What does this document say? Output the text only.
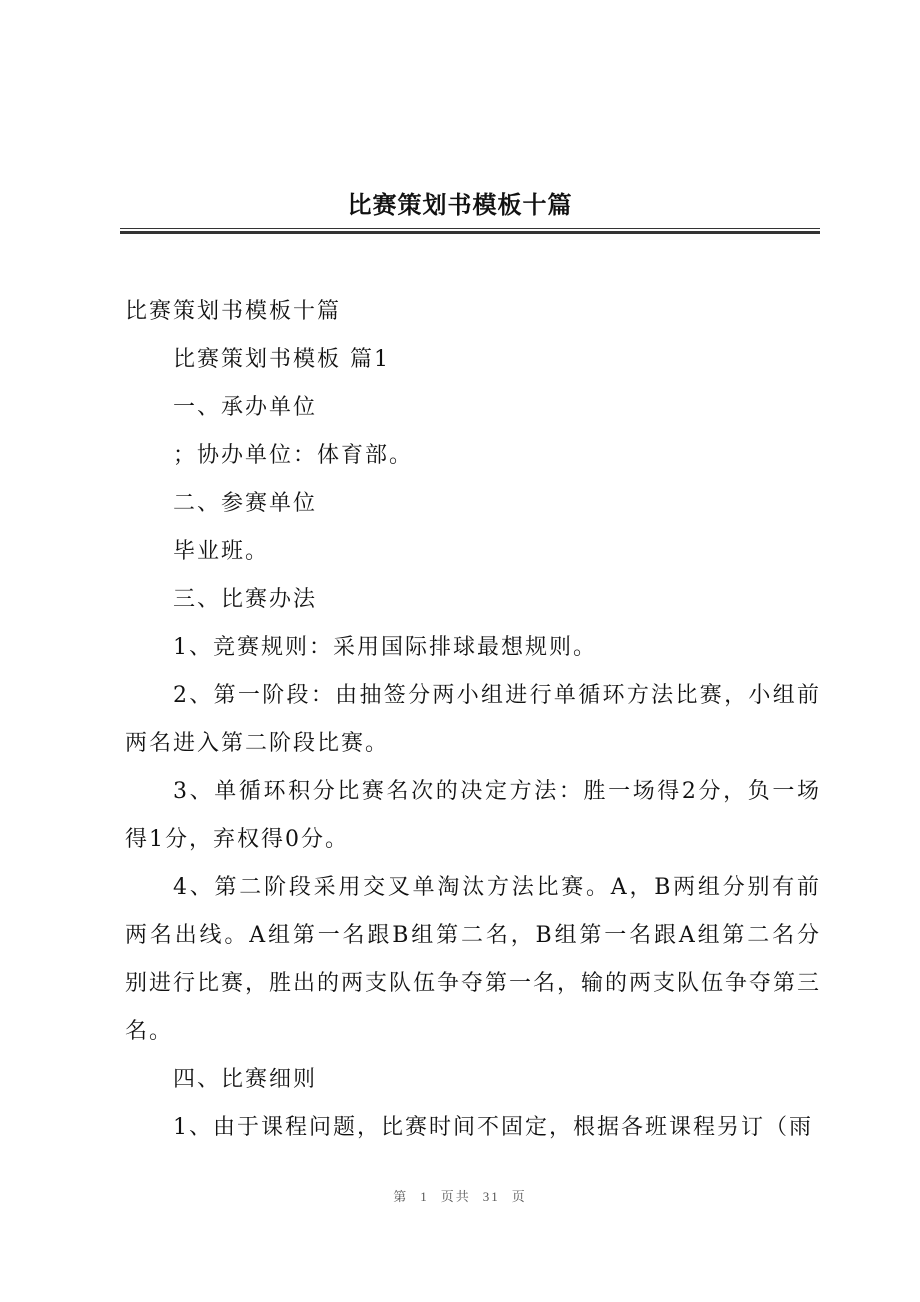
比赛策划书模板十篇

比赛策划书模板十篇

比赛策划书模板 篇1

一、承办单位

；协办单位：体育部。

二、参赛单位

毕业班。

三、比赛办法

1、竞赛规则：采用国际排球最想规则。

2、第一阶段：由抽签分两小组进行单循环方法比赛，小组前两名进入第二阶段比赛。

3、单循环积分比赛名次的决定方法：胜一场得2分，负一场得1分，弃权得0分。

4、第二阶段采用交叉单淘汰方法比赛。A，B两组分别有前两名出线。A组第一名跟B组第二名，B组第一名跟A组第二名分别进行比赛，胜出的两支队伍争夺第一名，输的两支队伍争夺第三名。

四、比赛细则

1、由于课程问题，比赛时间不固定，根据各班课程另订（雨

第 1 页共 31 页
